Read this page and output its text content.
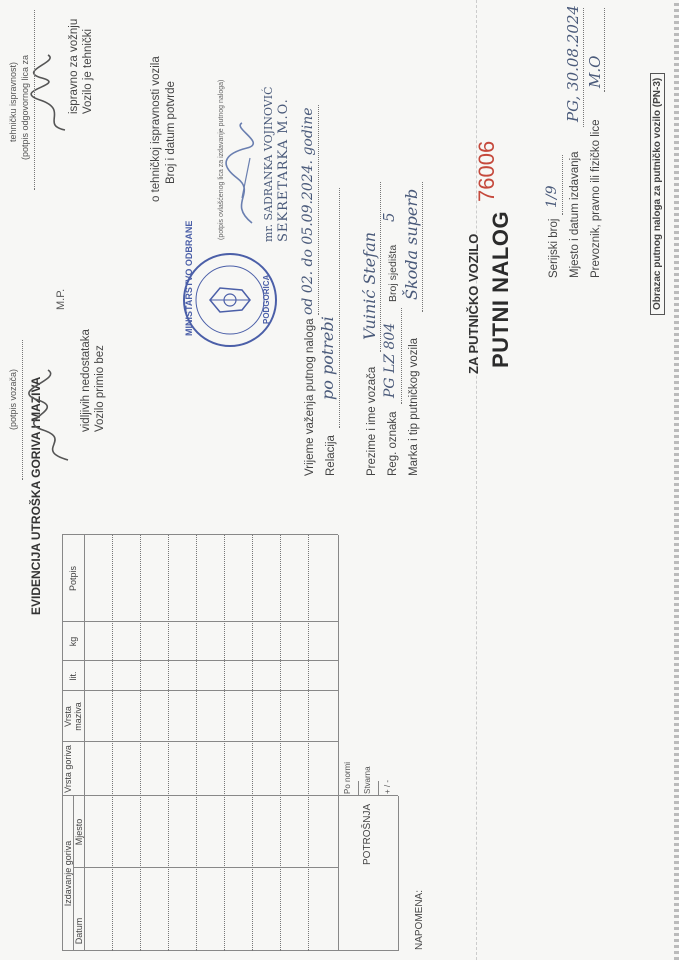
EVIDENCIJA UTROŠKA GORIVA I MAZIVA
Izdavanje goriva
Datum
Mjesto
Vrsta goriva
Vrsta maziva
lit.
kg
Potpis
POTROŠNJA
Po normi Stvarna + / -
NAPOMENA:
Obrazac putnog naloga za putničko vozilo (PN-3)
Prevoznik, pravno ili fizičko lice
M.O
Mjesto i datum izdavanja
PG, 30.08.2024
Serijski broj
1/9
PUTNI NALOG
ZA PUTNIČKO VOZILO
76006
Marka i tip putničkog vozila
Škoda superb
Reg. oznaka
PG LZ 804
Broj sjedišta
5
Prezime i ime vozača
Vuinić Stefan
Relacija
po potrebi
Vrijeme važenja putnog naloga
od 02. do 05.09.2024. godine
SEKRETARKA M.O.
mr. SADRANKA VOJINOVIĆ
(potpis ovlašćenog lica za izdavanje putnog naloga)
MINISTARSTVO ODBRANE	PODGORICA
Broj i datum potvrde
o tehničkoj ispravnosti vozila
Vozilo primio bez
vidljivih nedostataka
(potpis vozača)
M.P.
Vozilo je tehnički
ispravno za vožnju
(potpis odgovornog lica za
tehničku ispravnost)
